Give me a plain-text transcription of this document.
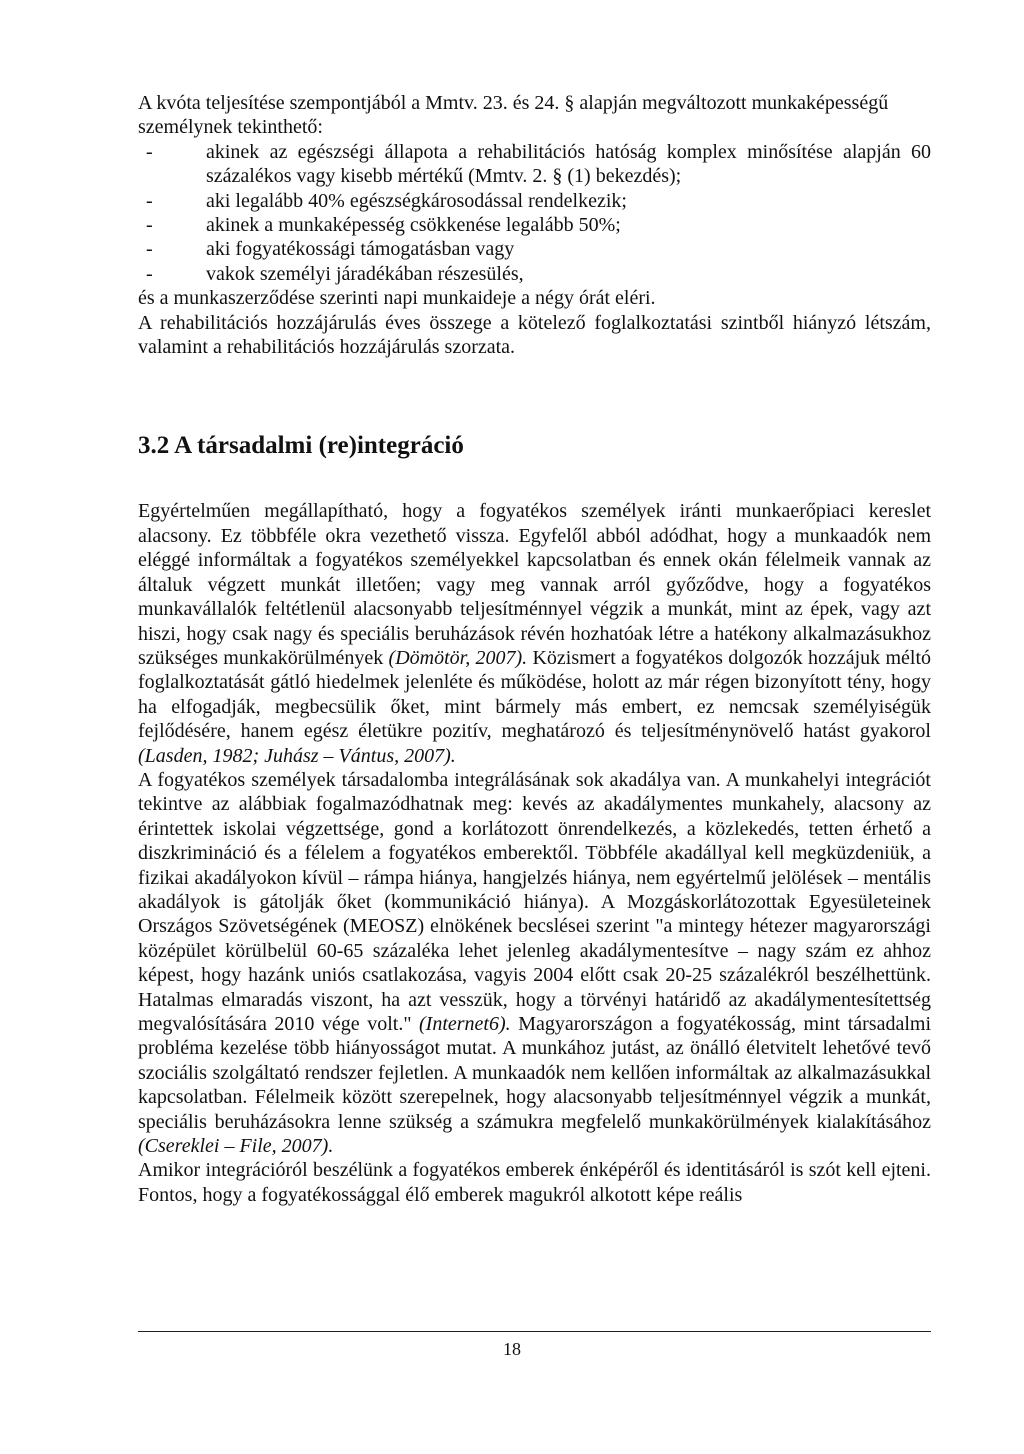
A kvóta teljesítése szempontjából a Mmtv. 23. és 24. § alapján megváltozott munkaképességű személynek tekinthető:

-	akinek az egészségi állapota a rehabilitációs hatóság komplex minősítése alapján 60 százalékos vagy kisebb mértékű (Mmtv. 2. § (1) bekezdés);
-	aki legalább 40% egészségkárosodással rendelkezik;
-	akinek a munkaképesség csökkenése legalább 50%;
-	aki fogyatékossági támogatásban vagy
-	vakok személyi járadékában részesülés,

és a munkaszerződése szerinti napi munkaideje a négy órát eléri.

A rehabilitációs hozzájárulás éves összege a kötelező foglalkoztatási szintből hiányzó létszám, valamint a rehabilitációs hozzájárulás szorzata.

3.2 A társadalmi (re)integráció

Egyértelműen megállapítható, hogy a fogyatékos személyek iránti munkaerőpiaci kereslet alacsony. Ez többféle okra vezethető vissza. Egyfelől abból adódhat, hogy a munkaadók nem eléggé informáltak a fogyatékos személyekkel kapcsolatban és ennek okán félelmeik vannak az általuk végzett munkát illetően; vagy meg vannak arról győződve, hogy a fogyatékos munkavállalók feltétlenül alacsonyabb teljesítménnyel végzik a munkát, mint az épek, vagy azt hiszi, hogy csak nagy és speciális beruházások révén hozhatóak létre a hatékony alkalmazásukhoz szükséges munkakörülmények (Dömötör, 2007). Közismert a fogyatékos dolgozók hozzájuk méltó foglalkoztatását gátló hiedelmek jelenléte és működése, holott az már régen bizonyított tény, hogy ha elfogadják, megbecsülik őket, mint bármely más embert, ez nemcsak személyiségük fejlődésére, hanem egész életükre pozitív, meghatározó és teljesítménynövelő hatást gyakorol (Lasden, 1982; Juhász – Vántus, 2007).

A fogyatékos személyek társadalomba integrálásának sok akadálya van. A munkahelyi integrációt tekintve az alábbiak fogalmazódhatnak meg: kevés az akadálymentes munkahely, alacsony az érintettek iskolai végzettsége, gond a korlátozott önrendelkezés, a közlekedés, tetten érhető a diszkrimináció és a félelem a fogyatékos emberektől. Többféle akadállyal kell megküzdeniük, a fizikai akadályokon kívül – rámpa hiánya, hangjelzés hiánya, nem egyértelmű jelölések – mentális akadályok is gátolják őket (kommunikáció hiánya). A Mozgáskorlátozottak Egyesületeinek Országos Szövetségének (MEOSZ) elnökének becslései szerint "a mintegy hétezer magyarországi középület körülbelül 60-65 százaléka lehet jelenleg akadálymentesítve – nagy szám ez ahhoz képest, hogy hazánk uniós csatlakozása, vagyis 2004 előtt csak 20-25 százalékról beszélhettünk. Hatalmas elmaradás viszont, ha azt vesszük, hogy a törvényi határidő az akadálymentesítettség megvalósítására 2010 vége volt." (Internet6). Magyarországon a fogyatékosság, mint társadalmi probléma kezelése több hiányosságot mutat. A munkához jutást, az önálló életvitelt lehetővé tevő szociális szolgáltató rendszer fejletlen. A munkaadók nem kellően informáltak az alkalmazásukkal kapcsolatban. Félelmeik között szerepelnek, hogy alacsonyabb teljesítménnyel végzik a munkát, speciális beruházásokra lenne szükség a számukra megfelelő munkakörülmények kialakításához (Csereklei – File, 2007).

Amikor integrációról beszélünk a fogyatékos emberek énképéről és identitásáról is szót kell ejteni. Fontos, hogy a fogyatékossággal élő emberek magukról alkotott képe reális

18
